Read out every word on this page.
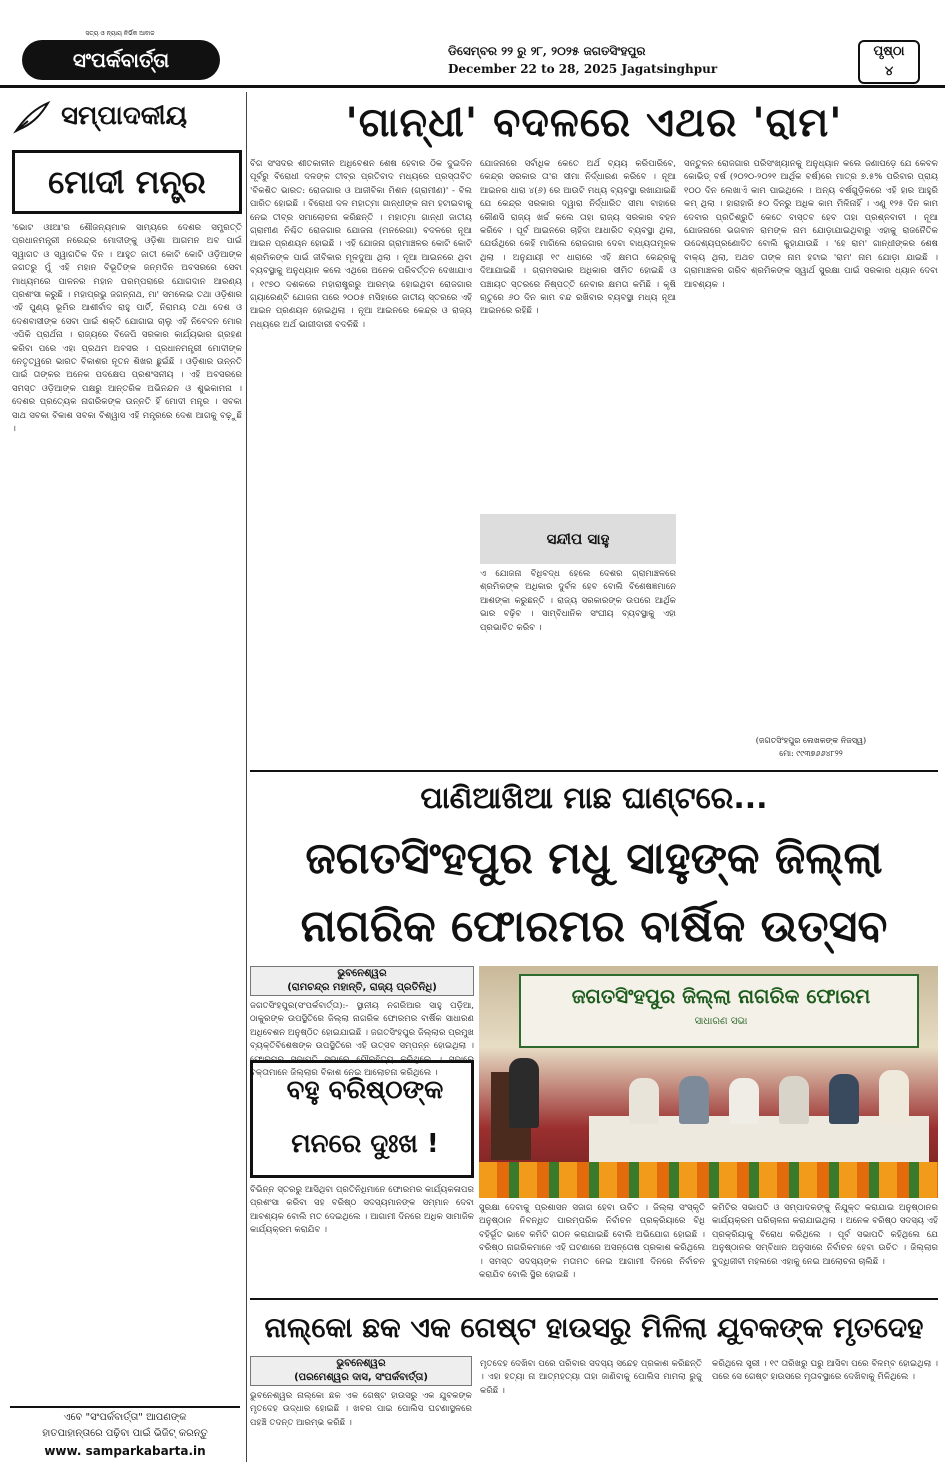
ସତ୍ୟ ଓ ନ୍ୟାୟ ନିର୍ଭିକ ଆବାଜ
ସଂପର୍କବାର୍ତ୍ତା	ଡିସେମ୍ବର ୨୨ ରୁ ୨୮, ୨୦୨୫ ଜଗତସିଂହପୁର
December 22 to 28, 2025 Jagatsinghpur
ପୃଷ୍ଠା
୪
ସମ୍ପାଦକୀୟ
ମୋଦୀ ମନ୍ତ୍ର
'ଭୋଟ ଓଃଆ'ର ଶୌଜନ୍ୟମାକ ସାମ୍ୟରେ ଦେଶର ସମ୍ପ୍ରତ୍ତି ପ୍ରଧାନମନ୍ତ୍ରୀ ନରେନ୍ଦ୍ର ମୋଦୀଙ୍କୁ ଓଡ଼ିଶା ଆଗମନ ଅବ ପାଇଁ ସ୍ୱାଗତ ଓ ସ୍ୱାଗତିକ ଦିନ । ଆହୁତ ଜାତୀ କୋଟି କୋଟି ଓଡ଼ିଆଙ୍କ ଜଗତରୁ ମୁଁ ଏହି ମହାନ ବିଭୂତିଙ୍କ ଜନ୍ମଦିନ ଅବସରରେ ସେବା ମାଧ୍ୟମରେ ପାଳନର ମହାନ ପରମ୍ପରାରେ ଯୋଗଦାନ ଆରଣ୍ୟ ପ୍ରଶଂସା କରୁଛି । ମହାପ୍ରଭୁ ଜଗନ୍ନାଥ, ମା' ସମଲେଇ ତଥା ଓଡ଼ିଶାର ଏହି ପୁଣ୍ୟ ଭୂମିର ଆଶୀର୍ବାଦ ରାହୁ ପାର୍ଟି, ନିରାମୟ ତଥା ଦେଶ ଓ ଦେଶବାସୀଙ୍କ ସେବା ପାଇଁ ଶକ୍ତି ଯୋଗାଇ ଚାଲୁ ଏହି ନିବେଦନ ମୋର ଏପିକି ପ୍ରାର୍ଥନା । ରାଜ୍ୟରେ ବିଜେପି ସରକାର କାର୍ଯ୍ୟଭାର ଗ୍ରହଣ କରିବା ପରେ ଏହା ପ୍ରଥମ ଅବସର । ପ୍ରଧାନମନ୍ତ୍ରୀ ମୋଦୀଙ୍କ ନେତୃତ୍ୱରେ ଭାରତ ବିକାଶର ନୂତନ ଶିଖର ଛୁଇଁଛି । ଓଡ଼ିଶାର ଉନ୍ନତି ପାଇଁ ତାଙ୍କର ଅନେକ ପଦକ୍ଷେପ ପ୍ରଶଂସନୀୟ । ଏହି ଅବସରରେ ସମସ୍ତ ଓଡ଼ିଆଙ୍କ ପକ୍ଷରୁ ଆନ୍ତରିକ ଅଭିନନ୍ଦନ ଓ ଶୁଭକାମନା । ଦେଶର ପ୍ରତ୍ୟେକ ନାଗରିକଙ୍କ ଉନ୍ନତି ହିଁ ମୋଦୀ ମନ୍ତ୍ର । ସବକା ସାଥ ସବକା ବିକାଶ ସବକା ବିଶ୍ୱାସ ଏହି ମନ୍ତ୍ରରେ ଦେଶ ଆଗକୁ ବଢ଼ୁଛି ।
'ଗାନ୍ଧୀ' ବଦଳରେ ଏଥର 'ରାମ'
ବିଗ ସଂସଦର ଶୀତକାଳୀନ ଅଧିବେଶନ ଶେଷ ହେବାର ଠିକ ଦୁଇଦିନ ପୂର୍ବରୁ ବିରୋଧୀ ଦଳଙ୍କ ତୀବ୍ର ପ୍ରତିବାଦ ମଧ୍ୟରେ ପ୍ରସ୍ତାବିତ 'ବିକଶିତ ଭାରତ: ରୋଜଗାର ଓ ଆଜୀବିକା ମିଶନ (ଗ୍ରାମୀଣ)' - ବିଲ ପାରିତ ହୋଇଛି । ବିରୋଧୀ ଦଳ ମହାତ୍ମା ଗାନ୍ଧୀଙ୍କ ନାମ ହଟାଇବାକୁ ନେଇ ତୀବ୍ର ସମାଲୋଚନା କରିଛନ୍ତି । ମହାତ୍ମା ଗାନ୍ଧୀ ଜାତୀୟ ଗ୍ରାମୀଣ ନିଶ୍ଚିତ ରୋଜଗାର ଯୋଜନା (ମନରେଗା) ବଦଳରେ ନୂଆ ଆଇନ ପ୍ରଣୟନ ହୋଇଛି । ଏହି ଯୋଜନା ଗ୍ରାମାଞ୍ଚଳର କୋଟି କୋଟି ଶ୍ରମିକଙ୍କ ପାଇଁ ଜୀବିକାର ମୂଳଦୁଆ ଥିଲା । ନୂଆ ଆଇନରେ ଥିବା ବ୍ୟବସ୍ଥାକୁ ଅନୁଧ୍ୟାନ କଲେ ଏଥିରେ ଅନେକ ପରିବର୍ତ୍ତନ ଦେଖାଯାଏ । ୧୯୭୦ ଦଶକରେ ମହାରାଷ୍ଟ୍ରରୁ ଆରମ୍ଭ ହୋଇଥିବା ରୋଜଗାର ଗ୍ୟାରେଣ୍ଟି ଯୋଜନା ପରେ ୨୦୦୫ ମସିହାରେ ଜାତୀୟ ସ୍ତରରେ ଏହି ଆଇନ ପ୍ରଣୟନ ହୋଇଥିଲା । ନୂଆ ଆଇନରେ କେନ୍ଦ୍ର ଓ ରାଜ୍ୟ ମଧ୍ୟରେ ଅର୍ଥ ଭାଗୀଦାରୀ ବଦଳିଛି ।
ଯୋଜନାରେ ସର୍ବାଧିକ କେତେ ଅର୍ଥ ବ୍ୟୟ କରିପାରିବେ, କେନ୍ଦ୍ର ସରକାର ତା'ର ସୀମା ନିର୍ଦ୍ଧାରଣ କରିବେ । ନୂଆ ଆଇନର ଧାରା ୪(୬) ରେ ଆଉଟି ମଧ୍ୟ ବ୍ୟବସ୍ଥା ରଖାଯାଇଛି ଯେ କେନ୍ଦ୍ର ସରକାର ଦ୍ୱାରା ନିର୍ଦ୍ଧାରିତ ସୀମା ବାହାରେ କୌଣସି ରାଜ୍ୟ ଖର୍ଚ୍ଚ କଲେ ତାହା ରାଜ୍ୟ ସରକାର ବହନ କରିବେ । ପୂର୍ବ ଆଇନରେ ଚାହିଦା ଆଧାରିତ ବ୍ୟବସ୍ଥା ଥିଲା, ଯେଉଁଥିରେ କେହି ମାଗିଲେ ରୋଜଗାର ଦେବା ବାଧ୍ୟତାମୂଳକ ଥିଲା । ଅନୁଯାୟୀ ୧୯ ଧାରାରେ ଏହି କ୍ଷମତା କେନ୍ଦ୍ରକୁ ଦିଆଯାଇଛି । ଗ୍ରାମସଭାର ଅଧିକାର ସୀମିତ ହୋଇଛି ଓ ପଞ୍ଚାୟତ ସ୍ତରରେ ନିଷ୍ପତ୍ତି ନେବାର କ୍ଷମତା କମିଛି । କୃଷି ଋତୁରେ ୬୦ ଦିନ କାମ ବନ୍ଦ ରଖିବାର ବ୍ୟବସ୍ଥା ମଧ୍ୟ ନୂଆ ଆଇନରେ ରହିଛି ।
ସନ୍ଦୀପ ସାହୁ
ଏ ଯୋଜନା ବିଧିବଦ୍ଧ ହେଲେ ଦେଶର ଗ୍ରାମାଞ୍ଚଳରେ ଶ୍ରମିକଙ୍କ ଅଧିକାର ଦୁର୍ବଳ ହେବ ବୋଲି ବିଶେଷଜ୍ଞମାନେ ଆଶଙ୍କା କରୁଛନ୍ତି । ରାଜ୍ୟ ସରକାରଙ୍କ ଉପରେ ଆର୍ଥିକ ଭାର ବଢ଼ିବ । ସାମ୍ବିଧାନିକ ସଂଘୀୟ ବ୍ୟବସ୍ଥାକୁ ଏହା ପ୍ରଭାବିତ କରିବ ।
ସନ୍ତୁଳନ ରୋଜଗାର ପରିସଂଖ୍ୟାନକୁ ଅନୁଧ୍ୟାନ କଲେ ଜଣାପଡ଼େ ଯେ କେବଳ କୋଭିଡ୍ ବର୍ଷ (୨୦୨୦-୨୦୨୧ ଆର୍ଥିକ ବର୍ଷ)ରେ ମାତ୍ର ୭.୫% ପରିବାର ପ୍ରାୟ ୧୦୦ ଦିନ ଲେଖାଏଁ କାମ ପାଇଥିଲେ । ଅନ୍ୟ ବର୍ଷଗୁଡ଼ିକରେ ଏହି ହାର ଆହୁରି କମ୍ ଥିଲା । ହାରାହାରି ୫୦ ଦିନରୁ ଅଧିକ କାମ ମିଳିନାହିଁ । ଏଣୁ ୧୨୫ ଦିନ କାମ ଦେବାର ପ୍ରତିଶ୍ରୁତି କେତେ ବାସ୍ତବ ହେବ ତାହା ପ୍ରଶ୍ନବାଚୀ । ନୂଆ ଯୋଜନାରେ ଭଗବାନ ରାମଙ୍କ ନାମ ଯୋଡ଼ାଯାଇଥିବାରୁ ଏହାକୁ ରାଜନୈତିକ ଉଦ୍ଦେଶ୍ୟପ୍ରଣୋଦିତ ବୋଲି କୁହାଯାଉଛି । 'ହେ ରାମ' ଗାନ୍ଧୀଙ୍କର ଶେଷ ବାକ୍ୟ ଥିଲା, ଅଥଚ ତାଙ୍କ ନାମ ହଟାଇ 'ରାମ' ନାମ ଯୋଡ଼ା ଯାଇଛି । ଗ୍ରାମାଞ୍ଚଳର ଗରିବ ଶ୍ରମିକଙ୍କ ସ୍ୱାର୍ଥ ସୁରକ୍ଷା ପାଇଁ ସରକାର ଧ୍ୟାନ ଦେବା ଆବଶ୍ୟକ ।
(ଜଗତସିଂହପୁର ଲେଖକଙ୍କ ନିଜସ୍ୱ)
ମୋ: ୯୯୩୭୬୬୪୮୨୨
ପାଣିଆଖିଆ ମାଛ ଘାଣ୍ଟରେ...
ଜଗତସିଂହପୁର ମଧୁ ସାହୁଙ୍କ ଜିଲ୍ଲା
ନାଗରିକ ଫୋରମର ବାର୍ଷିକ ଉତ୍ସବ
ଭୁବନେଶ୍ୱର
(ରାମଚନ୍ଦ୍ର ମହାନ୍ତି, ରାଜ୍ୟ ପ୍ରତିନିଧି)
ଜଗତସିଂହପୁର(ସଂପର୍କବାର୍ତ୍ତା):- ସ୍ଥାନୀୟ ନଗରିଆର ସାହୁ ପଡ଼ିଆ, ଠାକୁରଙ୍କ ଉପସ୍ଥିତିରେ ଜିଲ୍ଲା ନାଗରିକ ଫୋରମର ବାର୍ଷିକ ସାଧାରଣ ଅଧିବେଶନ ଅନୁଷ୍ଠିତ ହୋଇଯାଇଛି । ଜଗତସିଂହପୁର ଜିଲ୍ଲାର ପ୍ରମୁଖ ବ୍ୟକ୍ତିବିଶେଷଙ୍କ ଉପସ୍ଥିତିରେ ଏହି ଉତ୍ସବ ସମ୍ପନ୍ନ ହୋଇଥିଲା । ଫୋରମର ସଭାପତି ସଭାରେ ପୌରହିତ୍ୟ କରିଥିଲେ । ସଭାରେ ବକ୍ତାମାନେ ଜିଲ୍ଲାର ବିକାଶ ନେଇ ଆଲୋଚନା କରିଥିଲେ ।
ବହୁ ବରିଷ୍ଠଙ୍କ
ମନରେ ଦୁଃଖ !
ବିଭିନ୍ନ ସ୍ତରରୁ ଆସିଥିବା ପ୍ରତିନିଧିମାନେ ଫୋରମର କାର୍ଯ୍ୟକଳାପର ପ୍ରଶଂସା କରିବା ସହ ବରିଷ୍ଠ ସଦସ୍ୟମାନଙ୍କ ସମ୍ମାନ ଦେବା ଆବଶ୍ୟକ ବୋଲି ମତ ଦେଇଥିଲେ । ଆଗାମୀ ଦିନରେ ଅଧିକ ସାମାଜିକ କାର୍ଯ୍ୟକ୍ରମ କରାଯିବ ।
ଜଗତସିଂହପୁର ଜିଲ୍ଲା ନାଗରିକ ଫୋରମ
ସାଧାରଣ ସଭା
ସୁରକ୍ଷା ଦେବାକୁ ପ୍ରଶାସନ ସଜାଗ ହେବା ଉଚିତ । ଜିଲ୍ଲା ସଂସ୍କୃତି ଅନୁଷ୍ଠାନ ନିବନ୍ଧିତ ପାରମ୍ପରିକ ନିର୍ବାଚନ ପ୍ରକ୍ରିୟାରେ ବିଧି ବହିର୍ଭୂତ ଭାବେ କମିଟି ଗଠନ କରାଯାଇଛି ବୋଲି ଅଭିଯୋଗ ହୋଇଛି । ବରିଷ୍ଠ ନାଗରିକମାନେ ଏହି ଘଟଣାରେ ଅସନ୍ତୋଷ ପ୍ରକାଶ କରିଥିଲେ । ସମସ୍ତ ସଦସ୍ୟଙ୍କ ମତାମତ ନେଇ ଆଗାମୀ ଦିନରେ ନିର୍ବାଚନ କରାଯିବ ବୋଲି ସ୍ଥିର ହୋଇଛି ।
କମିଟିର ସଭାପତି ଓ ସମ୍ପାଦକଙ୍କୁ ନିଯୁକ୍ତ କରାଯାଇ ଅନୁଷ୍ଠାନର କାର୍ଯ୍ୟକ୍ରମ ପରିଚାଳନା କରାଯାଇଥିଲା । ଅନେକ ବରିଷ୍ଠ ସଦସ୍ୟ ଏହି ପ୍ରକ୍ରିୟାକୁ ବିରୋଧ କରିଥିଲେ । ପୂର୍ବ ସଭାପତି କହିଥିଲେ ଯେ ଅନୁଷ୍ଠାନର ସମ୍ବିଧାନ ଅନୁସାରେ ନିର୍ବାଚନ ହେବା ଉଚିତ । ଜିଲ୍ଲାର ବୁଦ୍ଧିଜୀବୀ ମହଲରେ ଏହାକୁ ନେଇ ଆଲୋଚନା ଚାଲିଛି ।
ନାଲ୍‌କୋ ଛକ ଏକ ଗେଷ୍ଟ ହାଉସରୁ ମିଳିଲା ଯୁବକଙ୍କ ମୃତଦେହ
ଭୁବନେଶ୍ୱର
(ପରମେଶ୍ୱର ଦାସ, ସଂପର୍କବାର୍ତ୍ତା)
ଭୁବନେଶ୍ୱର ନାଲ୍‌କୋ ଛକ ଏକ ଗେଷ୍ଟ ହାଉସରୁ ଏକ ଯୁବକଙ୍କ ମୃତଦେହ ଉଦ୍ଧାର ହୋଇଛି । ଖବର ପାଇ ପୋଲିସ ଘଟଣାସ୍ଥଳରେ ପହଞ୍ଚି ତଦନ୍ତ ଆରମ୍ଭ କରିଛି ।
ମୃତଦେହ ଦେଖିବା ପରେ ପରିବାର ସଦସ୍ୟ ସନ୍ଦେହ ପ୍ରକାଶ କରିଛନ୍ତି । ଏହା ହତ୍ୟା ନା ଆତ୍ମହତ୍ୟା ତାହା ଜାଣିବାକୁ ପୋଲିସ ମାମଲା ରୁଜୁ କରିଛି ।
କରିଥିଲେ ସ୍ତ୍ରୀ । ୧୯ ତାରିଖରୁ ଘରୁ ଆସିବା ପରେ ବିଳମ୍ବ ହୋଇଥିଲା । ପରେ ସେ ଗେଷ୍ଟ ହାଉସରେ ମୃତାବସ୍ଥାରେ ଦେଖିବାକୁ ମିଳିଥିଲେ ।
ଏବେ "ସଂପର୍କବାର୍ତ୍ତା" ଆପଣଙ୍କ
ହାତପାହାନ୍ତାରେ ପଢ଼ିବା ପାଇଁ ଭିଜିଟ୍ କରନ୍ତୁ
www. samparkabarta.in
